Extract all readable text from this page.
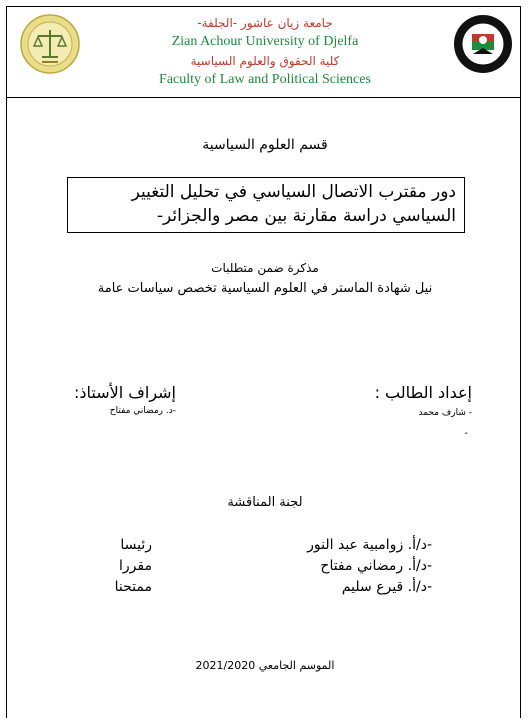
جامعة زيان عاشور -الجلفة-
Zian Achour University of Djelfa
كلية الحقوق والعلوم السياسية
Faculty of Law and Political Sciences
قسم العلوم السياسية
دور مقترب الاتصال السياسي في تحليل التغيير
السياسي دراسة مقارنة بين مصر والجزائر-
مذكرة ضمن متطلبات
نيل شهادة الماستر في العلوم السياسية تخصص سياسات عامة
إعداد الطالب :
- شارف محمد
-
إشراف الأستاذ:
-د. رمضاني مفتاح
لجنة المناقشة
-د/أ. زوامبية عبد النور
رئيسا
-د/أ. رمضاني مفتاح
مقررا
-د/أ. قيرع سليم
ممتحنا
الموسم الجامعي 2021/2020
